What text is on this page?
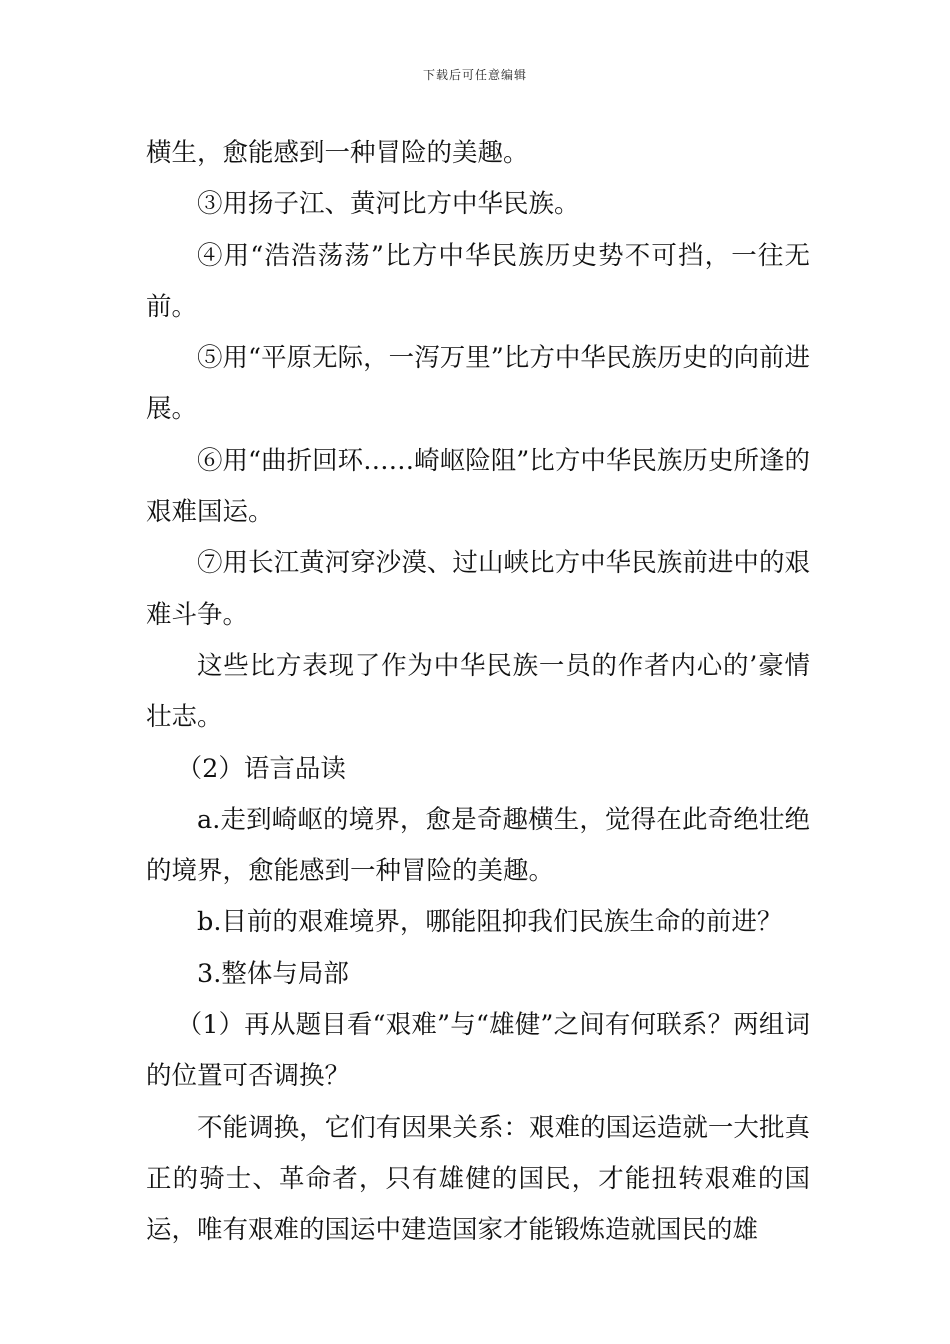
下载后可任意编辑

横生，愈能感到一种冒险的美趣。

③用扬子江、黄河比方中华民族。

④用“浩浩荡荡”比方中华民族历史势不可挡，一往无前。

⑤用“平原无际，一泻万里”比方中华民族历史的向前进展。

⑥用“曲折回环……崎岖险阻”比方中华民族历史所逢的艰难国运。

⑦用长江黄河穿沙漠、过山峡比方中华民族前进中的艰难斗争。

这些比方表现了作为中华民族一员的作者内心的’豪情壮志。

（2）语言品读

a.走到崎岖的境界，愈是奇趣横生，觉得在此奇绝壮绝的境界，愈能感到一种冒险的美趣。

b.目前的艰难境界，哪能阻抑我们民族生命的前进？

3.整体与局部

（1）再从题目看“艰难”与“雄健”之间有何联系？两组词的位置可否调换？

不能调换，它们有因果关系：艰难的国运造就一大批真正的骑士、革命者，只有雄健的国民，才能扭转艰难的国运，唯有艰难的国运中建造国家才能锻炼造就国民的雄
